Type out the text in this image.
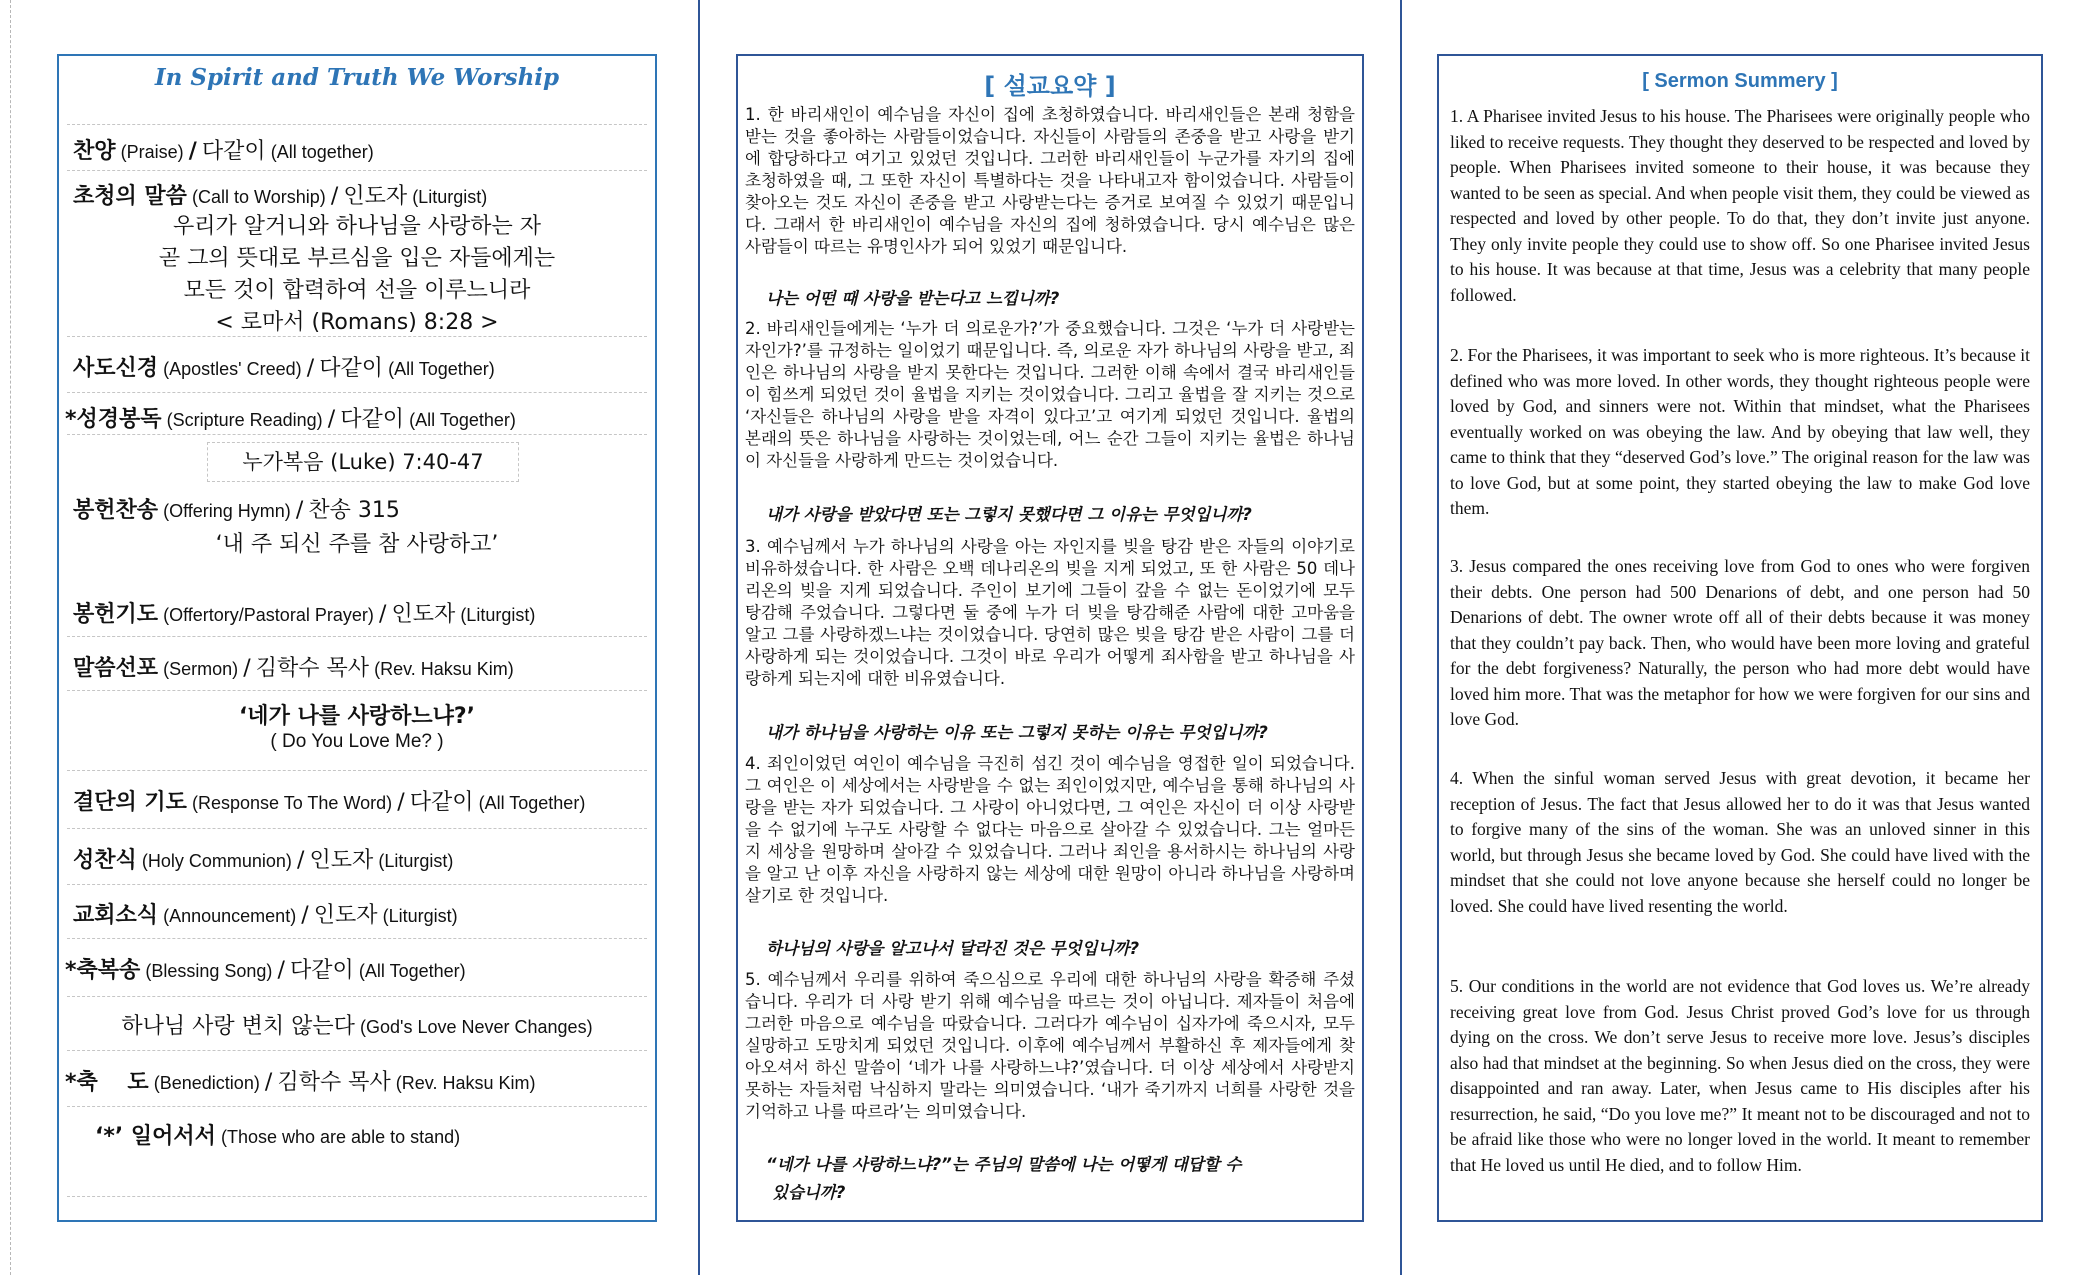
In Spirit and Truth We Worship
찬양 (Praise) / 다같이 (All together)
초청의 말씀 (Call to Worship) / 인도자 (Liturgist)
우리가 알거니와 하나님을 사랑하는 자
곧 그의 뜻대로 부르심을 입은 자들에게는
모든 것이 합력하여 선을 이루느니라
< 로마서 (Romans) 8:28 >
사도신경 (Apostles' Creed) / 다같이 (All Together)
*성경봉독 (Scripture Reading) / 다같이 (All Together)
누가복음 (Luke) 7:40-47
봉헌찬송 (Offering Hymn) / 찬송 315
‘내 주 되신 주를 참 사랑하고’
봉헌기도 (Offertory/Pastoral Prayer) / 인도자 (Liturgist)
말씀선포 (Sermon) / 김학수 목사 (Rev. Haksu Kim)
‘네가 나를 사랑하느냐?’
( Do You Love Me? )
결단의 기도 (Response To The Word) / 다같이 (All Together)
성찬식 (Holy Communion) / 인도자 (Liturgist)
교회소식 (Announcement) / 인도자 (Liturgist)
*축복송 (Blessing Song) / 다같이 (All Together)
하나님 사랑 변치 않는다 (God's Love Never Changes)
*축　 도 (Benediction) / 김학수 목사 (Rev. Haksu Kim)
‘*’ 일어서서 (Those who are able to stand)
[ 설교요약 ]
1. 한 바리새인이 예수님을 자신이 집에 초청하였습니다. 바리새인들은 본래 청함을 받는 것을 좋아하는 사람들이었습니다. 자신들이 사람들의 존중을 받고 사랑을 받기에 합당하다고 여기고 있었던 것입니다. 그러한 바리새인들이 누군가를 자기의 집에 초청하였을 때, 그 또한 자신이 특별하다는 것을 나타내고자 함이었습니다. 사람들이 찾아오는 것도 자신이 존중을 받고 사랑받는다는 증거로 보여질 수 있었기 때문입니다. 그래서 한 바리새인이 예수님을 자신의 집에 청하였습니다. 당시 예수님은 많은 사람들이 따르는 유명인사가 되어 있었기 때문입니다.
나는 어떤 때 사랑을 받는다고 느낍니까?
2. 바리새인들에게는 ‘누가 더 의로운가?’가 중요했습니다. 그것은 ‘누가 더 사랑받는 자인가?’를 규정하는 일이었기 때문입니다. 즉, 의로운 자가 하나님의 사랑을 받고, 죄인은 하나님의 사랑을 받지 못한다는 것입니다. 그러한 이해 속에서 결국 바리새인들이 힘쓰게 되었던 것이 율법을 지키는 것이었습니다. 그리고 율법을 잘 지키는 것으로 ‘자신들은 하나님의 사랑을 받을 자격이 있다고’고 여기게 되었던 것입니다. 율법의 본래의 뜻은 하나님을 사랑하는 것이었는데, 어느 순간 그들이 지키는 율법은 하나님이 자신들을 사랑하게 만드는 것이었습니다.
내가 사랑을 받았다면 또는 그렇지 못했다면 그 이유는 무엇입니까?
3. 예수님께서 누가 하나님의 사랑을 아는 자인지를 빚을 탕감 받은 자들의 이야기로 비유하셨습니다. 한 사람은 오백 데나리온의 빚을 지게 되었고, 또 한 사람은 50 데나리온의 빚을 지게 되었습니다. 주인이 보기에 그들이 갚을 수 없는 돈이었기에 모두 탕감해 주었습니다. 그렇다면 둘 중에 누가 더 빚을 탕감해준 사람에 대한 고마움을 알고 그를 사랑하겠느냐는 것이었습니다. 당연히 많은 빚을 탕감 받은 사람이 그를 더 사랑하게 되는 것이었습니다. 그것이 바로 우리가 어떻게 죄사함을 받고 하나님을 사랑하게 되는지에 대한 비유였습니다.
내가 하나님을 사랑하는 이유 또는 그렇지 못하는 이유는 무엇입니까?
4. 죄인이었던 여인이 예수님을 극진히 섬긴 것이 예수님을 영접한 일이 되었습니다. 그 여인은 이 세상에서는 사랑받을 수 없는 죄인이었지만, 예수님을 통해 하나님의 사랑을 받는 자가 되었습니다. 그 사랑이 아니었다면, 그 여인은 자신이 더 이상 사랑받을 수 없기에 누구도 사랑할 수 없다는 마음으로 살아갈 수 있었습니다. 그는 얼마든지 세상을 원망하며 살아갈 수 있었습니다. 그러나 죄인을 용서하시는 하나님의 사랑을 알고 난 이후 자신을 사랑하지 않는 세상에 대한 원망이 아니라 하나님을 사랑하며 살기로 한 것입니다.
하나님의 사랑을 알고나서 달라진 것은 무엇입니까?
5. 예수님께서 우리를 위하여 죽으심으로 우리에 대한 하나님의 사랑을 확증해 주셨습니다. 우리가 더 사랑 받기 위해 예수님을 따르는 것이 아닙니다. 제자들이 처음에 그러한 마음으로 예수님을 따랐습니다. 그러다가 예수님이 십자가에 죽으시자, 모두 실망하고 도망치게 되었던 것입니다. 이후에 예수님께서 부활하신 후 제자들에게 찾아오셔서 하신 말씀이 ‘네가 나를 사랑하느냐?’였습니다. 더 이상 세상에서 사랑받지 못하는 자들처럼 낙심하지 말라는 의미였습니다. ‘내가 죽기까지 너희를 사랑한 것을 기억하고 나를 따르라’는 의미였습니다.
“네가 나를 사랑하느냐?”는 주님의 말씀에 나는 어떻게 대답할 수
있습니까?
[ Sermon Summery ]
1. A Pharisee invited Jesus to his house. The Pharisees were originally people who liked to receive requests. They thought they deserved to be respected and loved by people. When Pharisees invited someone to their house, it was because they wanted to be seen as special. And when people visit them, they could be viewed as respected and loved by other people. To do that, they don’t invite just anyone. They only invite people they could use to show off. So one Pharisee invited Jesus to his house. It was because at that time, Jesus was a celebrity that many people followed.
2. For the Pharisees, it was important to seek who is more righteous. It’s because it defined who was more loved. In other words, they thought righteous people were loved by God, and sinners were not. Within that mindset, what the Pharisees eventually worked on was obeying the law. And by obeying that law well, they came to think that they “deserved God’s love.” The original reason for the law was to love God, but at some point, they started obeying the law to make God love them.
3. Jesus compared the ones receiving love from God to ones who were forgiven their debts. One person had 500 Denarions of debt, and one person had 50 Denarions of debt. The owner wrote off all of their debts because it was money that they couldn’t pay back. Then, who would have been more loving and grateful for the debt forgiveness? Naturally, the person who had more debt would have loved him more. That was the metaphor for how we were forgiven for our sins and love God.
4. When the sinful woman served Jesus with great devotion, it became her reception of Jesus. The fact that Jesus allowed her to do it was that Jesus wanted to forgive many of the sins of the woman. She was an unloved sinner in this world, but through Jesus she became loved by God. She could have lived with the mindset that she could not love anyone because she herself could no longer be loved. She could have lived resenting the world.
5. Our conditions in the world are not evidence that God loves us. We’re already receiving great love from God. Jesus Christ proved God’s love for us through dying on the cross. We don’t serve Jesus to receive more love. Jesus’s disciples also had that mindset at the beginning. So when Jesus died on the cross, they were disappointed and ran away. Later, when Jesus came to His disciples after his resurrection, he said, “Do you love me?” It meant not to be discouraged and not to be afraid like those who were no longer loved in the world. It meant to remember that He loved us until He died, and to follow Him.
